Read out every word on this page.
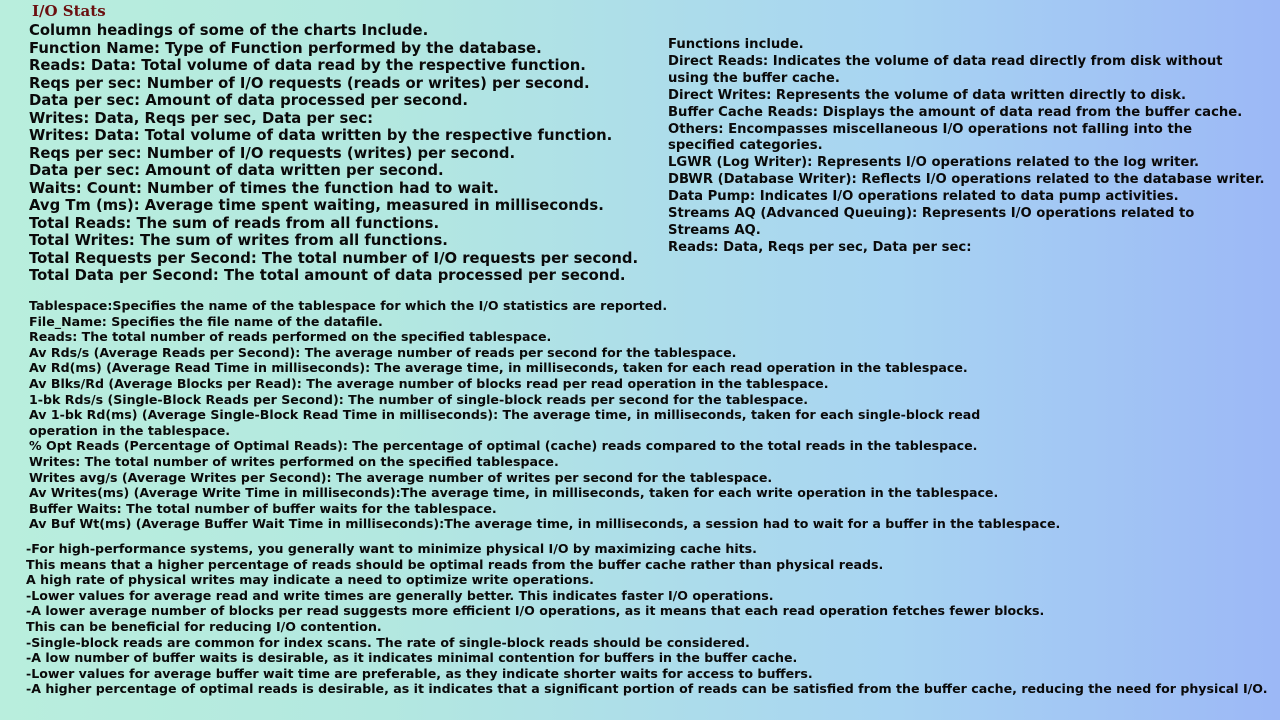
I/O Stats
Column headings of some of the charts Include.
Function Name: Type of Function performed by the database.
Reads: Data: Total volume of data read by the respective function.
Reqs per sec: Number of I/O requests (reads or writes) per second.
Data per sec: Amount of data processed per second.
Writes: Data, Reqs per sec, Data per sec:
Writes: Data: Total volume of data written by the respective function.
Reqs per sec: Number of I/O requests (writes) per second.
Data per sec: Amount of data written per second.
Waits: Count: Number of times the function had to wait.
Avg Tm (ms): Average time spent waiting, measured in milliseconds.
Total Reads: The sum of reads from all functions.
Total Writes: The sum of writes from all functions.
Total Requests per Second: The total number of I/O requests per second.
Total Data per Second: The total amount of data processed per second.
Functions include.
Direct Reads: Indicates the volume of data read directly from disk without
using the buffer cache.
Direct Writes: Represents the volume of data written directly to disk.
Buffer Cache Reads: Displays the amount of data read from the buffer cache.
Others: Encompasses miscellaneous I/O operations not falling into the
specified categories.
LGWR (Log Writer): Represents I/O operations related to the log writer.
DBWR (Database Writer): Reflects I/O operations related to the database writer.
Data Pump: Indicates I/O operations related to data pump activities.
Streams AQ (Advanced Queuing): Represents I/O operations related to
Streams AQ.
Reads: Data, Reqs per sec, Data per sec:
Tablespace:Specifies the name of the tablespace for which the I/O statistics are reported.
File_Name: Specifies the file name of the datafile.
Reads: The total number of reads performed on the specified tablespace.
Av Rds/s (Average Reads per Second): The average number of reads per second for the tablespace.
Av Rd(ms) (Average Read Time in milliseconds): The average time, in milliseconds, taken for each read operation in the tablespace.
Av Blks/Rd (Average Blocks per Read): The average number of blocks read per read operation in the tablespace.
1-bk Rds/s (Single-Block Reads per Second): The number of single-block reads per second for the tablespace.
Av 1-bk Rd(ms) (Average Single-Block Read Time in milliseconds): The average time, in milliseconds, taken for each single-block read
operation in the tablespace.
% Opt Reads (Percentage of Optimal Reads): The percentage of optimal (cache) reads compared to the total reads in the tablespace.
Writes: The total number of writes performed on the specified tablespace.
Writes avg/s (Average Writes per Second): The average number of writes per second for the tablespace.
Av Writes(ms) (Average Write Time in milliseconds):The average time, in milliseconds, taken for each write operation in the tablespace.
Buffer Waits: The total number of buffer waits for the tablespace.
Av Buf Wt(ms) (Average Buffer Wait Time in milliseconds):The average time, in milliseconds, a session had to wait for a buffer in the tablespace.
-For high-performance systems, you generally want to minimize physical I/O by maximizing cache hits.
This means that a higher percentage of reads should be optimal reads from the buffer cache rather than physical reads.
A high rate of physical writes may indicate a need to optimize write operations.
-Lower values for average read and write times are generally better. This indicates faster I/O operations.
-A lower average number of blocks per read suggests more efficient I/O operations, as it means that each read operation fetches fewer blocks.
This can be beneficial for reducing I/O contention.
-Single-block reads are common for index scans. The rate of single-block reads should be considered.
-A low number of buffer waits is desirable, as it indicates minimal contention for buffers in the buffer cache.
-Lower values for average buffer wait time are preferable, as they indicate shorter waits for access to buffers.
-A higher percentage of optimal reads is desirable, as it indicates that a significant portion of reads can be satisfied from the buffer cache, reducing the need for physical I/O.
